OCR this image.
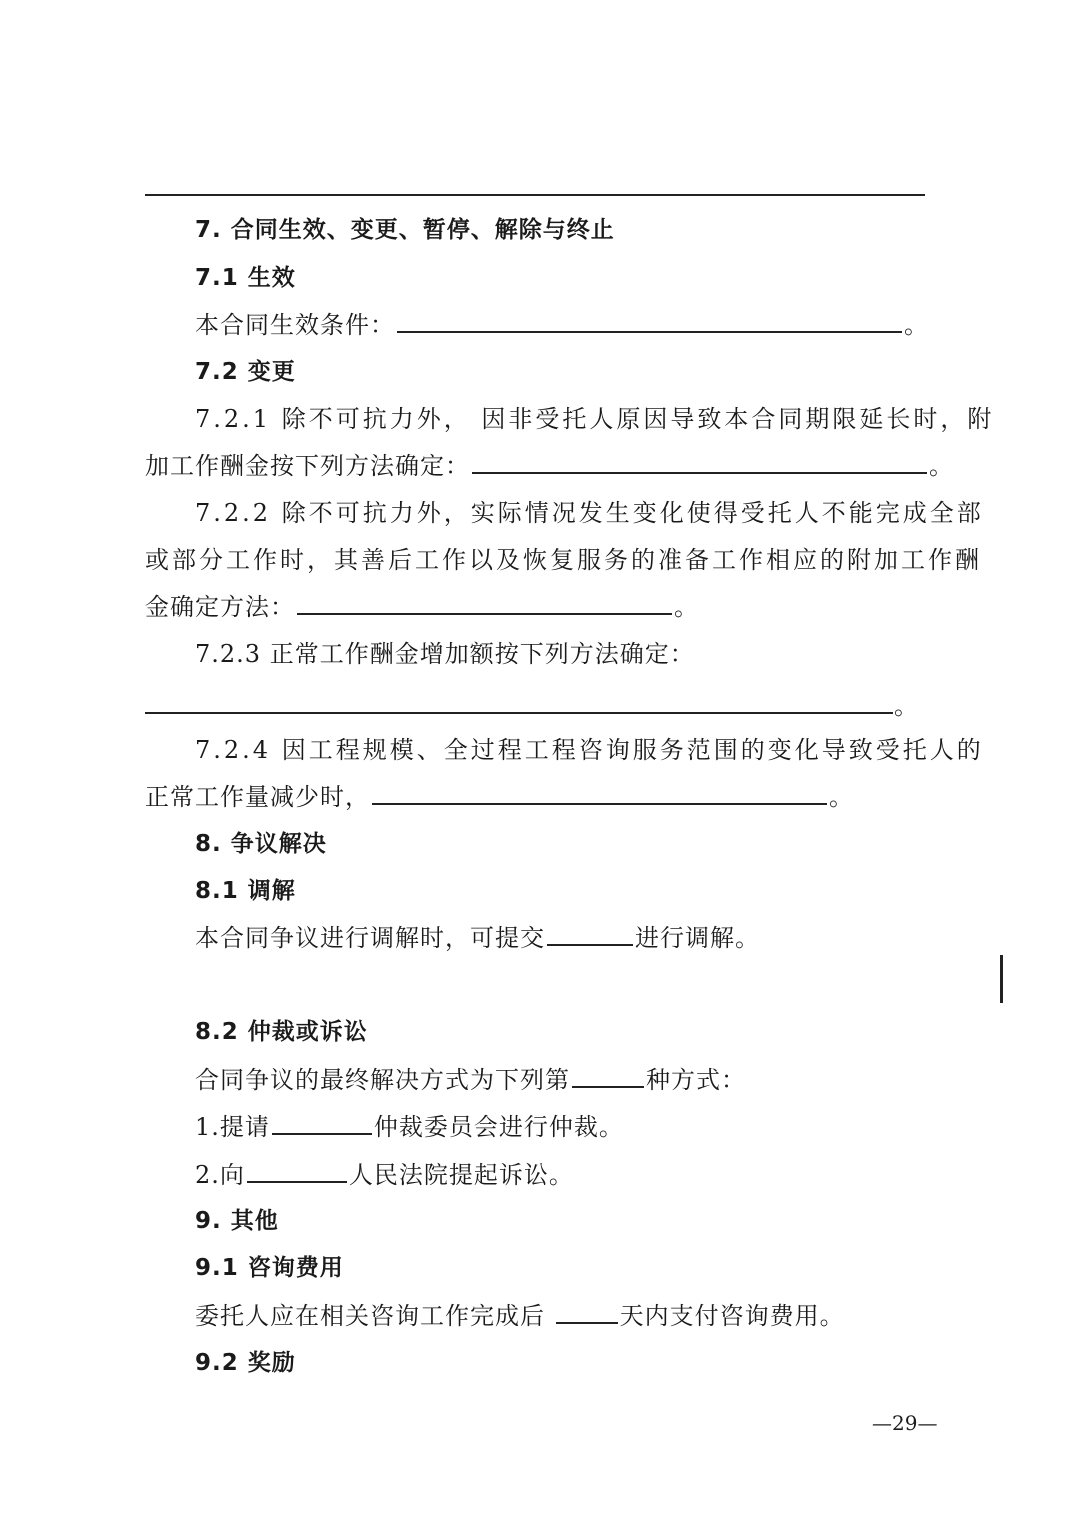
7. 合同生效、变更、暂停、解除与终止
7.1 生效
本合同生效条件：	。
7.2 变更
7.2.1 除不可抗力外， 因非受托人原因导致本合同期限延长时，附
加工作酬金按下列方法确定：	。
7.2.2 除不可抗力外，实际情况发生变化使得受托人不能完成全部
或部分工作时，其善后工作以及恢复服务的准备工作相应的附加工作酬
金确定方法：	。
7.2.3 正常工作酬金增加额按下列方法确定：
。
7.2.4 因工程规模、全过程工程咨询服务范围的变化导致受托人的
正常工作量减少时，	。
8. 争议解决
8.1 调解
本合同争议进行调解时，可提交	进行调解。
8.2 仲裁或诉讼
合同争议的最终解决方式为下列第	种方式：
1.提请	仲裁委员会进行仲裁。
2.向	人民法院提起诉讼。
9. 其他
9.1 咨询费用
委托人应在相关咨询工作完成后	天内支付咨询费用。
9.2 奖励
—29—
